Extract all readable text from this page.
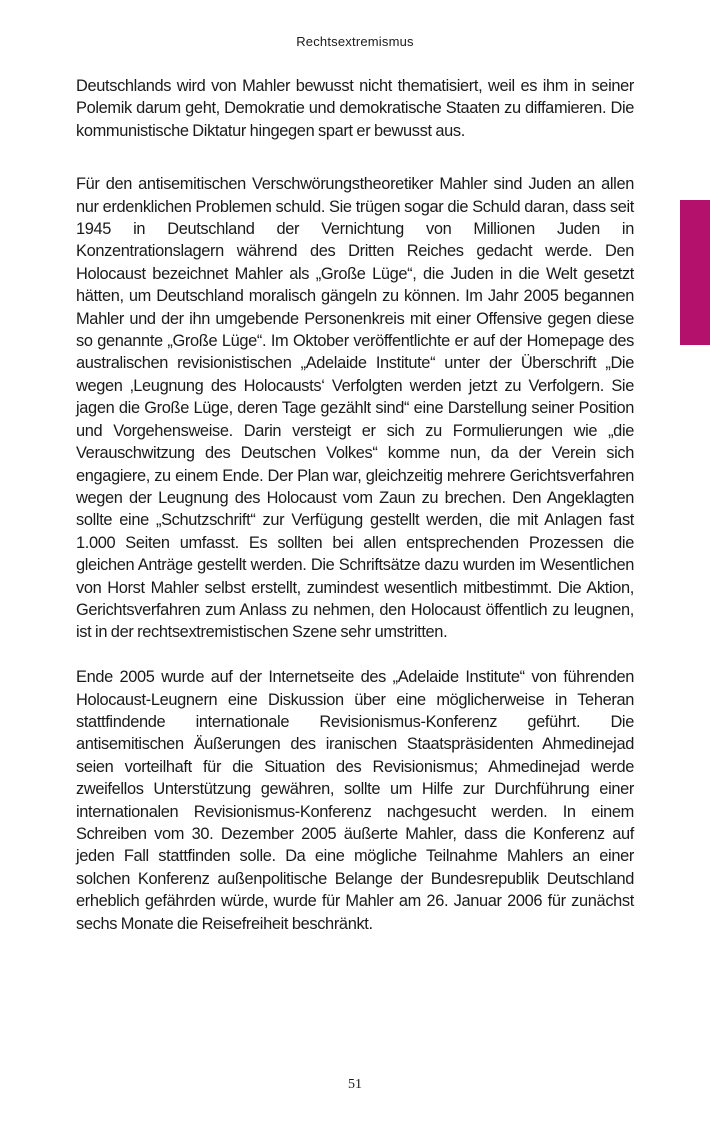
Rechtsextremismus

Deutschlands wird von Mahler bewusst nicht thematisiert, weil es ihm in seiner Polemik darum geht, Demokratie und demokratische Staaten zu diffamieren. Die kommunistische Diktatur hingegen spart er bewusst aus.

Für den antisemitischen Verschwörungstheoretiker Mahler sind Juden an allen nur erdenklichen Problemen schuld. Sie trügen sogar die Schuld daran, dass seit 1945 in Deutschland der Vernichtung von Millionen Juden in Konzentrationslagern während des Dritten Reiches gedacht werde. Den Holocaust bezeichnet Mahler als „Große Lüge“, die Juden in die Welt gesetzt hätten, um Deutschland moralisch gängeln zu können. Im Jahr 2005 begannen Mahler und der ihn umgebende Personenkreis mit einer Offensive gegen diese so genannte „Große Lüge“. Im Oktober veröffentlichte er auf der Homepage des australischen revisionistischen „Adelaide Institute“ unter der Überschrift „Die wegen ‚Leugnung des Holocausts‘ Verfolgten werden jetzt zu Verfolgern. Sie jagen die Große Lüge, deren Tage gezählt sind“ eine Darstellung seiner Position und Vorgehensweise. Darin versteigt er sich zu Formulierungen wie „die Verauschwitzung des Deutschen Volkes“ komme nun, da der Verein sich engagiere, zu einem Ende. Der Plan war, gleichzeitig mehrere Gerichtsverfahren wegen der Leugnung des Holocaust vom Zaun zu brechen. Den Angeklagten sollte eine „Schutzschrift“ zur Verfügung gestellt werden, die mit Anlagen fast 1.000 Seiten umfasst. Es sollten bei allen entsprechenden Prozessen die gleichen Anträge gestellt werden. Die Schriftsätze dazu wurden im Wesentlichen von Horst Mahler selbst erstellt, zumindest wesentlich mitbestimmt. Die Aktion, Gerichtsverfahren zum Anlass zu nehmen, den Holocaust öffentlich zu leugnen, ist in der rechtsextremistischen Szene sehr umstritten.

Ende 2005 wurde auf der Internetseite des „Adelaide Institute“ von führenden Holocaust-Leugnern eine Diskussion über eine möglicherweise in Teheran stattfindende internationale Revisionismus-Konferenz geführt. Die antisemitischen Äußerungen des iranischen Staatspräsidenten Ahmedinejad seien vorteilhaft für die Situation des Revisionismus; Ahmedinejad werde zweifellos Unterstützung gewähren, sollte um Hilfe zur Durchführung einer internationalen Revisionismus-Konferenz nachgesucht werden. In einem Schreiben vom 30. Dezember 2005 äußerte Mahler, dass die Konferenz auf jeden Fall stattfinden solle. Da eine mögliche Teilnahme Mahlers an einer solchen Konferenz außenpolitische Belange der Bundesrepublik Deutschland erheblich gefährden würde, wurde für Mahler am 26. Januar 2006 für zunächst sechs Monate die Reisefreiheit beschränkt.

51
